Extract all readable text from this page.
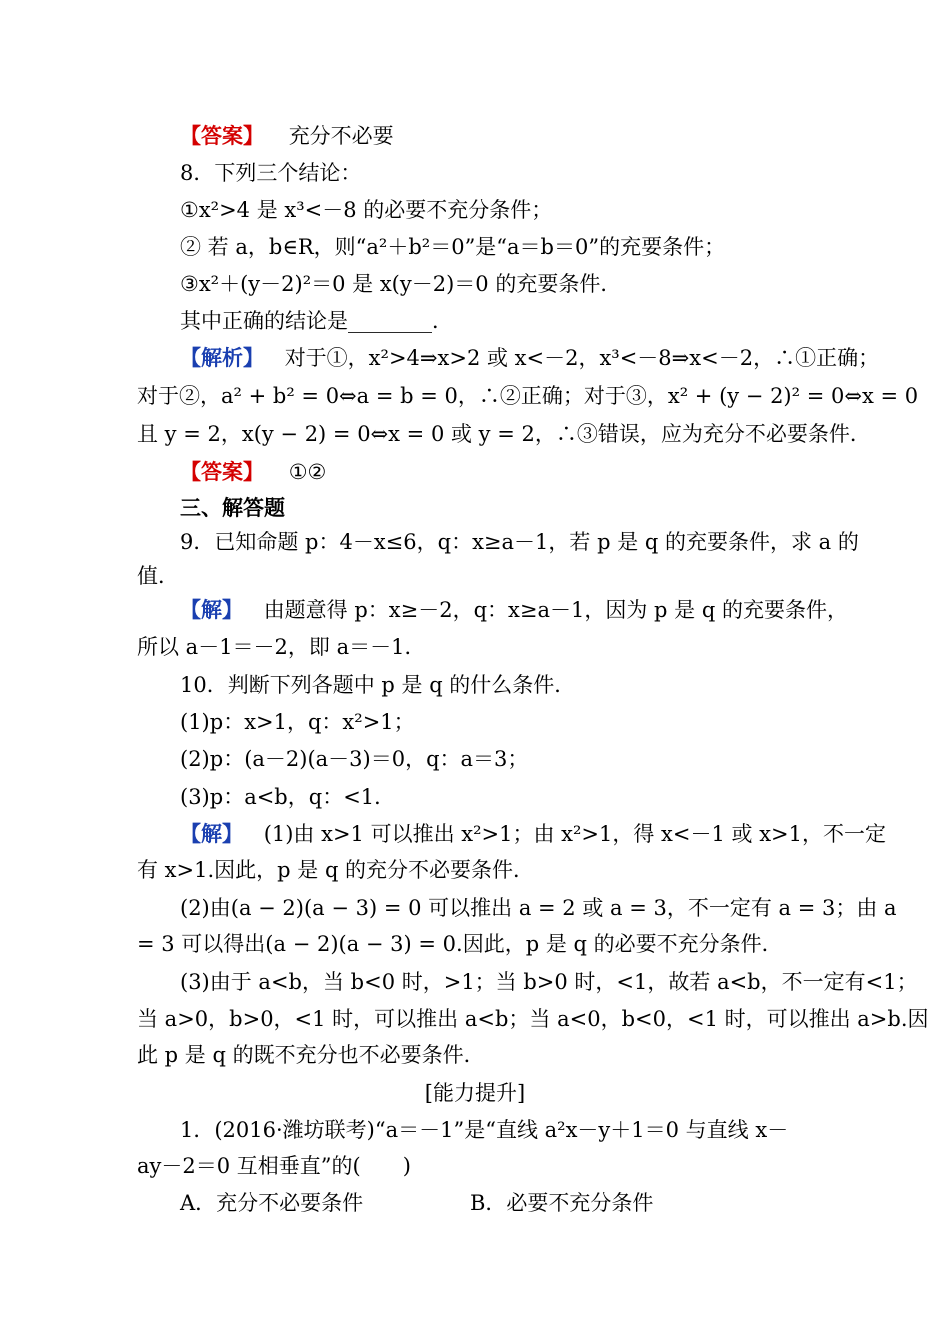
【答案】 充分不必要
8．下列三个结论：
①x²>4 是 x³<－8 的必要不充分条件；
② 若 a，b∈R，则“a²＋b²＝0”是“a＝b＝0”的充要条件；
③x²＋(y－2)²＝0 是 x(y－2)＝0 的充要条件．
其中正确的结论是________．
【解析】 对于①，x²>4⇒x>2 或 x<－2，x³<－8⇒x<－2，∴①正确；
对于②，a² + b² = 0⇔a = b = 0，∴②正确；对于③，x² + (y − 2)² = 0⇔x = 0
且 y = 2，x(y − 2) = 0⇔x = 0 或 y = 2，∴③错误，应为充分不必要条件．
【答案】 ①②
三、解答题
9．已知命题 p：4－x≤6，q：x≥a－1，若 p 是 q 的充要条件，求 a 的
值．
【解】 由题意得 p：x≥－2，q：x≥a－1，因为 p 是 q 的充要条件，
所以 a－1＝－2，即 a＝－1．
10．判断下列各题中 p 是 q 的什么条件．
(1)p：x>1，q：x²>1；
(2)p：(a－2)(a－3)＝0，q：a＝3；
(3)p：a<b，q：<1．
【解】 (1)由 x>1 可以推出 x²>1；由 x²>1，得 x<－1 或 x>1，不一定
有 x>1.因此，p 是 q 的充分不必要条件．
(2)由(a − 2)(a − 3) = 0 可以推出 a = 2 或 a = 3，不一定有 a = 3；由 a
= 3 可以得出(a − 2)(a − 3) = 0.因此，p 是 q 的必要不充分条件．
(3)由于 a<b，当 b<0 时，>1；当 b>0 时，<1，故若 a<b，不一定有<1；
当 a>0，b>0，<1 时，可以推出 a<b；当 a<0，b<0，<1 时，可以推出 a>b.因
此 p 是 q 的既不充分也不必要条件．
[能力提升]
1．(2016·潍坊联考)“a＝－1”是“直线 a²x－y＋1＝0 与直线 x－
ay－2＝0 互相垂直”的(　　)
A．充分不必要条件	B．必要不充分条件
